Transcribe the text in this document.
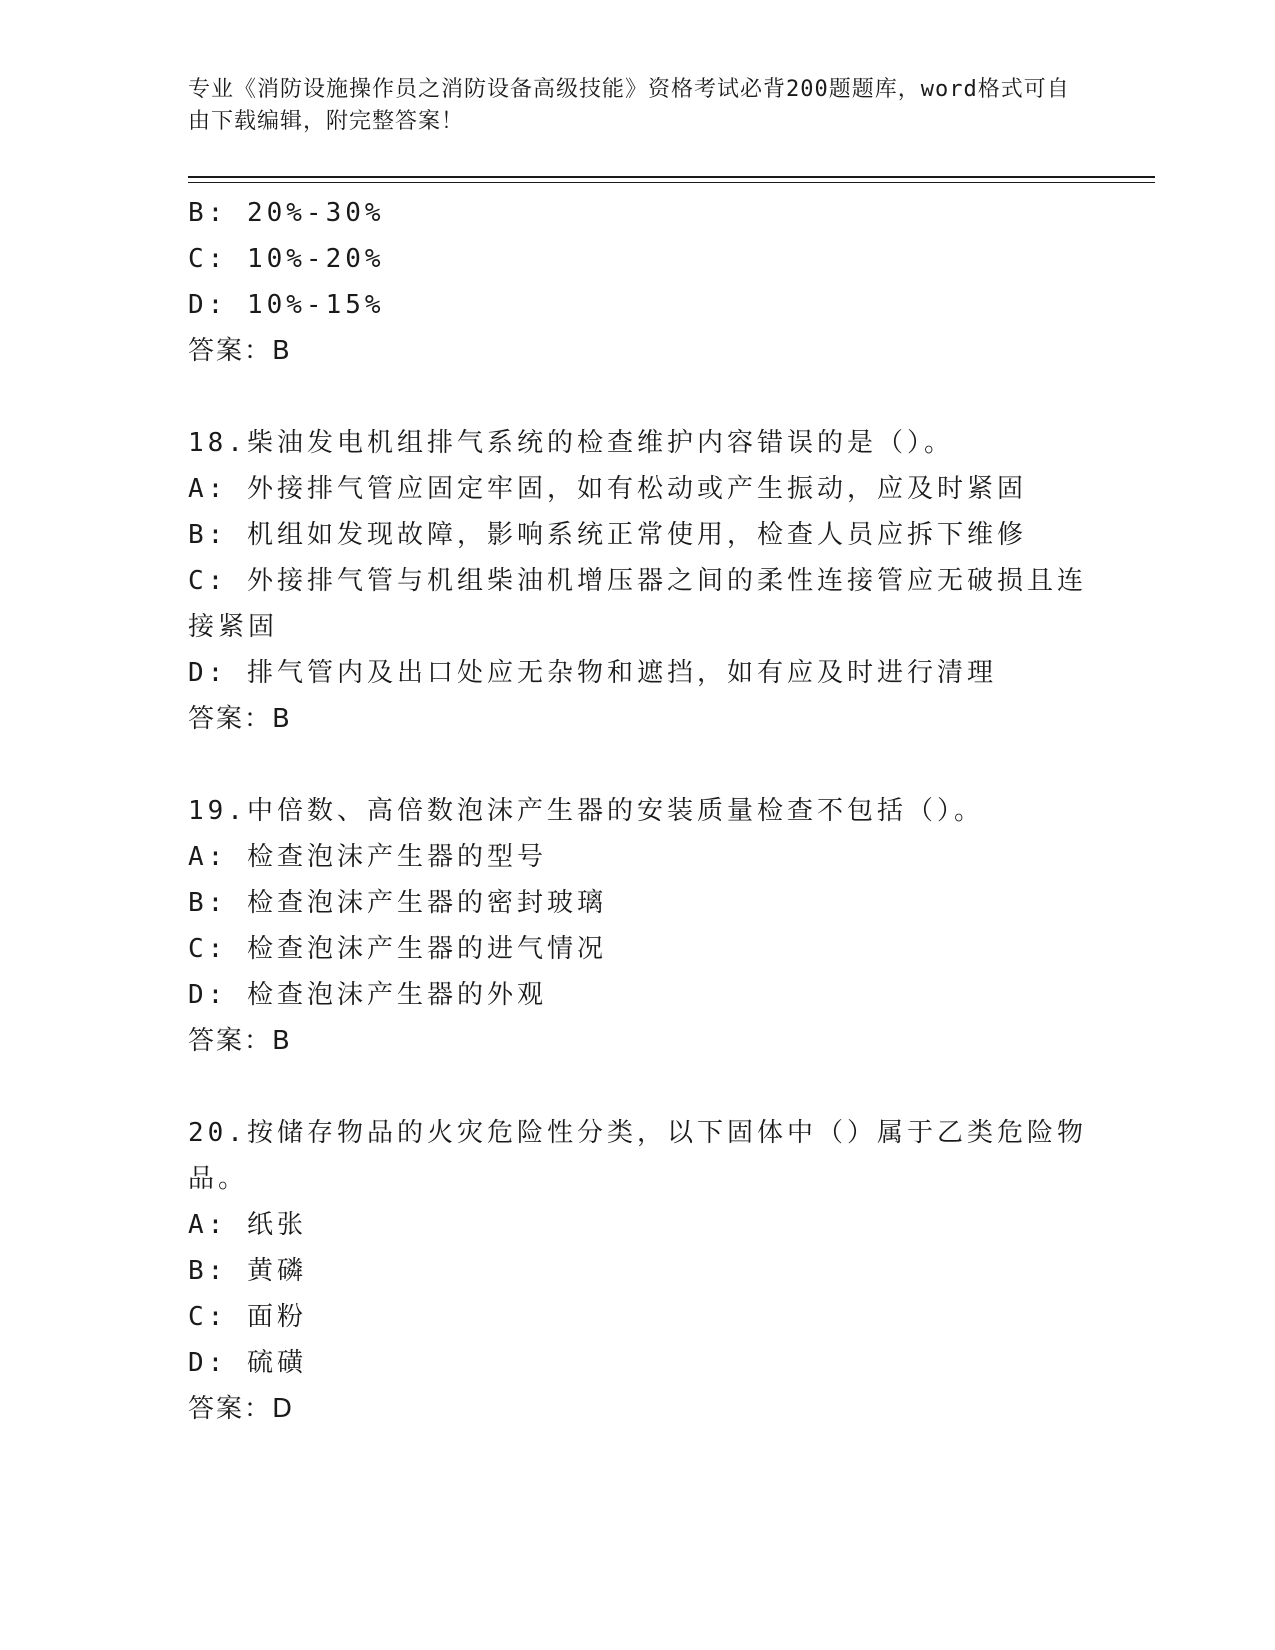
专业《消防设施操作员之消防设备高级技能》资格考试必背200题题库，word格式可自由下载编辑，附完整答案！
B: 20%-30%
C: 10%-20%
D: 10%-15%
答案：B
18.柴油发电机组排气系统的检查维护内容错误的是（）。
A: 外接排气管应固定牢固，如有松动或产生振动，应及时紧固
B: 机组如发现故障，影响系统正常使用，检查人员应拆下维修
C: 外接排气管与机组柴油机增压器之间的柔性连接管应无破损且连接紧固
D: 排气管内及出口处应无杂物和遮挡，如有应及时进行清理
答案：B
19.中倍数、高倍数泡沫产生器的安装质量检查不包括（）。
A: 检查泡沫产生器的型号
B: 检查泡沫产生器的密封玻璃
C: 检查泡沫产生器的进气情况
D: 检查泡沫产生器的外观
答案：B
20.按储存物品的火灾危险性分类，以下固体中（）属于乙类危险物品。
A: 纸张
B: 黄磷
C: 面粉
D: 硫磺
答案：D
